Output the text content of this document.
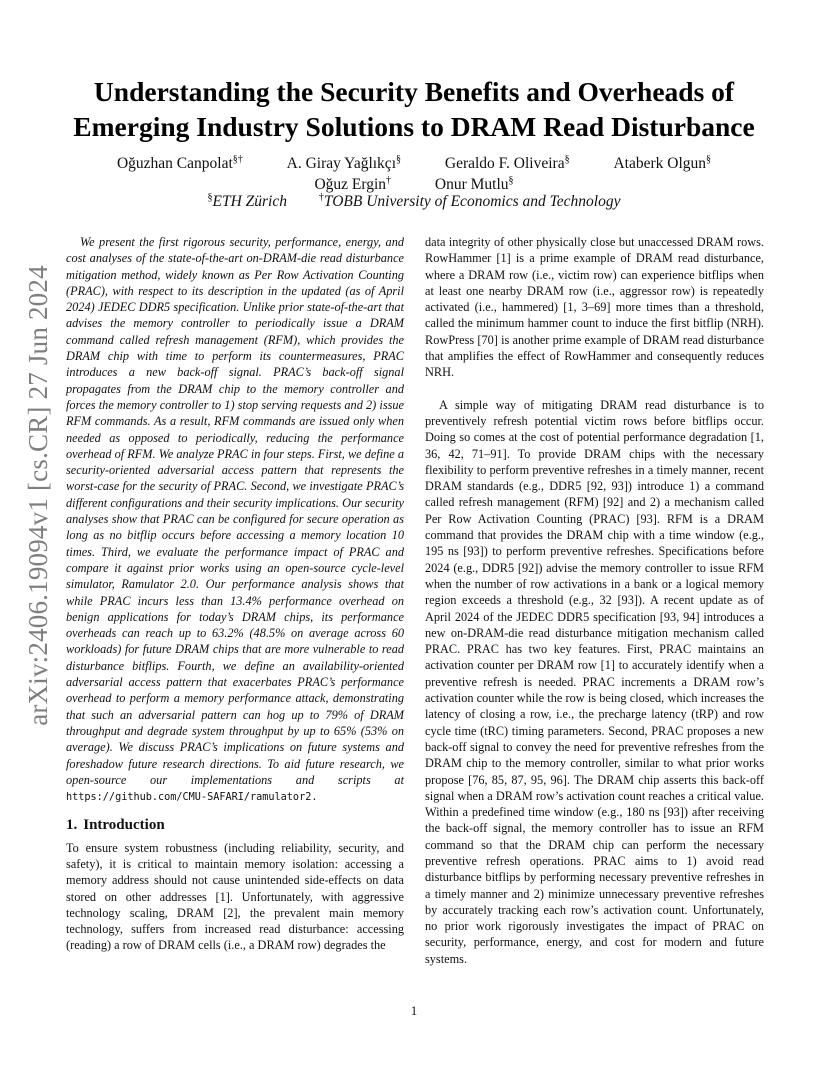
arXiv:2406.19094v1 [cs.CR] 27 Jun 2024
Understanding the Security Benefits and Overheads of Emerging Industry Solutions to DRAM Read Disturbance
Oğuzhan Canpolat§†	A. Giray Yağlıkçı§	Geraldo F. Oliveira§	Ataberk Olgun§
Oğuz Ergin†	Onur Mutlu§
§ETH Zürich	†TOBB University of Economics and Technology

We present the first rigorous security, performance, energy, and cost analyses of the state-of-the-art on-DRAM-die read disturbance mitigation method, widely known as Per Row Activation Counting (PRAC), with respect to its description in the updated (as of April 2024) JEDEC DDR5 specification. Unlike prior state-of-the-art that advises the memory controller to periodically issue a DRAM command called refresh management (RFM), which provides the DRAM chip with time to perform its countermeasures, PRAC introduces a new back-off signal. PRAC’s back-off signal propagates from the DRAM chip to the memory controller and forces the memory controller to 1) stop serving requests and 2) issue RFM commands. As a result, RFM commands are issued only when needed as opposed to periodically, reducing the performance overhead of RFM. We analyze PRAC in four steps. First, we define a security-oriented adversarial access pattern that represents the worst-case for the security of PRAC. Second, we investigate PRAC’s different configurations and their security implications. Our security analyses show that PRAC can be configured for secure operation as long as no bitflip occurs before accessing a memory location 10 times. Third, we evaluate the performance impact of PRAC and compare it against prior works using an open-source cycle-level simulator, Ramulator 2.0. Our performance analysis shows that while PRAC incurs less than 13.4% performance overhead on benign applications for today’s DRAM chips, its performance overheads can reach up to 63.2% (48.5% on average across 60 workloads) for future DRAM chips that are more vulnerable to read disturbance bitflips. Fourth, we define an availability-oriented adversarial access pattern that exacerbates PRAC’s performance overhead to perform a memory performance attack, demonstrating that such an adversarial pattern can hog up to 79% of DRAM throughput and degrade system throughput by up to 65% (53% on average). We discuss PRAC’s implications on future systems and foreshadow future research directions. To aid future research, we open-source our implementations and scripts at https://github.com/CMU-SAFARI/ramulator2.

1. Introduction

To ensure system robustness (including reliability, security, and safety), it is critical to maintain memory isolation: accessing a memory address should not cause unintended side-effects on data stored on other addresses [1]. Unfortunately, with aggressive technology scaling, DRAM [2], the prevalent main memory technology, suffers from increased read disturbance: accessing (reading) a row of DRAM cells (i.e., a DRAM row) degrades the

data integrity of other physically close but unaccessed DRAM rows. RowHammer [1] is a prime example of DRAM read disturbance, where a DRAM row (i.e., victim row) can experience bitflips when at least one nearby DRAM row (i.e., aggressor row) is repeatedly activated (i.e., hammered) [1, 3–69] more times than a threshold, called the minimum hammer count to induce the first bitflip (NRH). RowPress [70] is another prime example of DRAM read disturbance that amplifies the effect of RowHammer and consequently reduces NRH.

A simple way of mitigating DRAM read disturbance is to preventively refresh potential victim rows before bitflips occur. Doing so comes at the cost of potential performance degradation [1, 36, 42, 71–91]. To provide DRAM chips with the necessary flexibility to perform preventive refreshes in a timely manner, recent DRAM standards (e.g., DDR5 [92, 93]) introduce 1) a command called refresh management (RFM) [92] and 2) a mechanism called Per Row Activation Counting (PRAC) [93]. RFM is a DRAM command that provides the DRAM chip with a time window (e.g., 195 ns [93]) to perform preventive refreshes. Specifications before 2024 (e.g., DDR5 [92]) advise the memory controller to issue RFM when the number of row activations in a bank or a logical memory region exceeds a threshold (e.g., 32 [93]). A recent update as of April 2024 of the JEDEC DDR5 specification [93, 94] introduces a new on-DRAM-die read disturbance mitigation mechanism called PRAC. PRAC has two key features. First, PRAC maintains an activation counter per DRAM row [1] to accurately identify when a preventive refresh is needed. PRAC increments a DRAM row’s activation counter while the row is being closed, which increases the latency of closing a row, i.e., the precharge latency (tRP) and row cycle time (tRC) timing parameters. Second, PRAC proposes a new back-off signal to convey the need for preventive refreshes from the DRAM chip to the memory controller, similar to what prior works propose [76, 85, 87, 95, 96]. The DRAM chip asserts this back-off signal when a DRAM row’s activation count reaches a critical value. Within a predefined time window (e.g., 180 ns [93]) after receiving the back-off signal, the memory controller has to issue an RFM command so that the DRAM chip can perform the necessary preventive refresh operations. PRAC aims to 1) avoid read disturbance bitflips by performing necessary preventive refreshes in a timely manner and 2) minimize unnecessary preventive refreshes by accurately tracking each row’s activation count. Unfortunately, no prior work rigorously investigates the impact of PRAC on security, performance, energy, and cost for modern and future systems.

1
